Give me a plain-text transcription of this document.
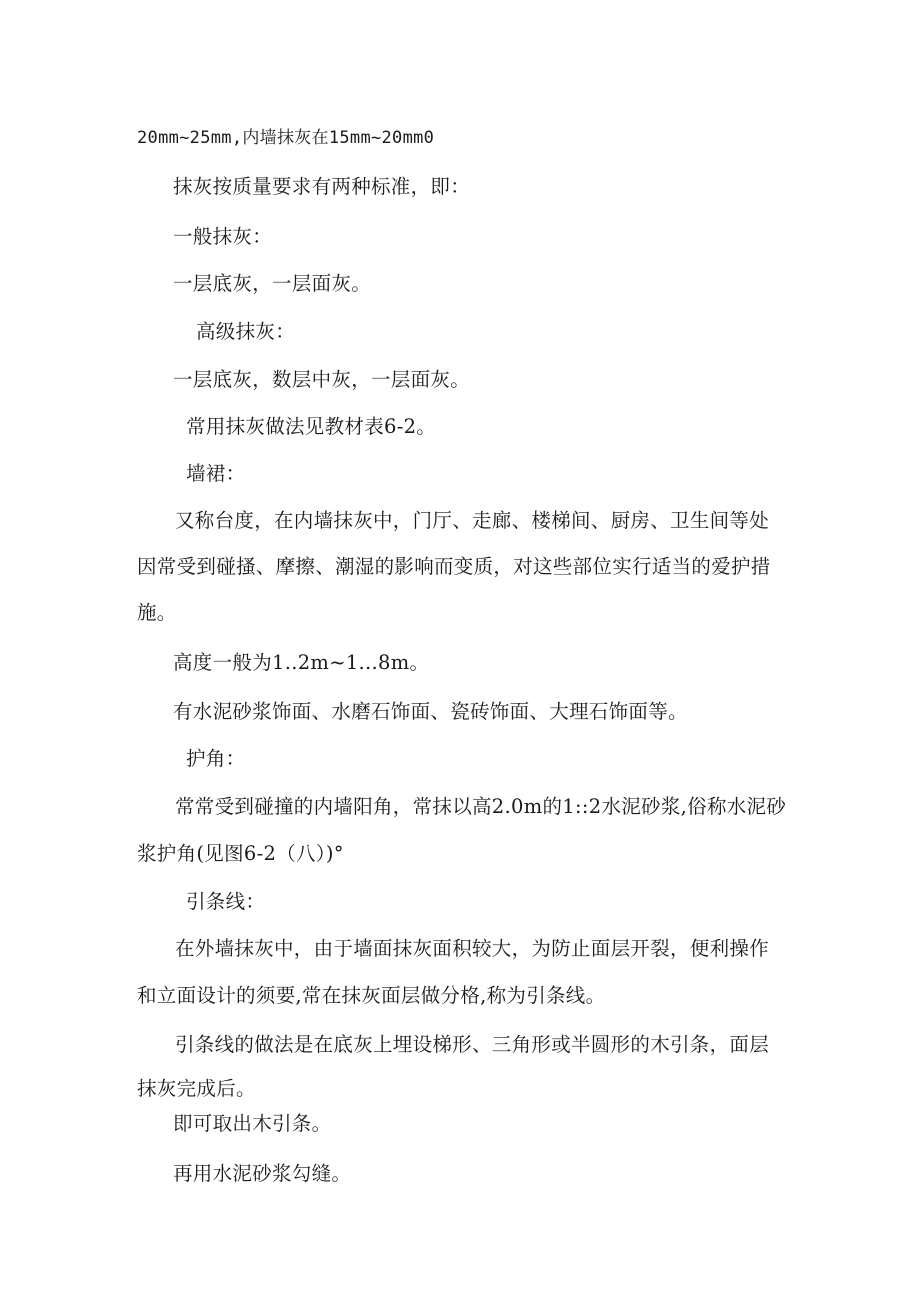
20mm~25mm,内墙抹灰在15mm~20mm0
抹灰按质量要求有两种标准，即：
一般抹灰：
一层底灰，一层面灰。
高级抹灰：
一层底灰，数层中灰，一层面灰。
常用抹灰做法见教材表6-2。
墙裙：
又称台度，在内墙抹灰中，门厅、走廊、楼梯间、厨房、卫生间等处
因常受到碰搔、摩擦、潮湿的影响而变质，对这些部位实行适当的爱护措
施。
高度一般为1..2m~1...8m。
有水泥砂浆饰面、水磨石饰面、瓷砖饰面、大理石饰面等。
护角：
常常受到碰撞的内墙阳角，常抹以高2.0m的1::2水泥砂浆,俗称水泥砂
浆护角(见图6-2（八）)°
引条线：
在外墙抹灰中，由于墙面抹灰面积较大，为防止面层开裂，便利操作
和立面设计的须要,常在抹灰面层做分格,称为引条线。
引条线的做法是在底灰上埋设梯形、三角形或半圆形的木引条，面层
抹灰完成后。
即可取出木引条。
再用水泥砂浆勾缝。
